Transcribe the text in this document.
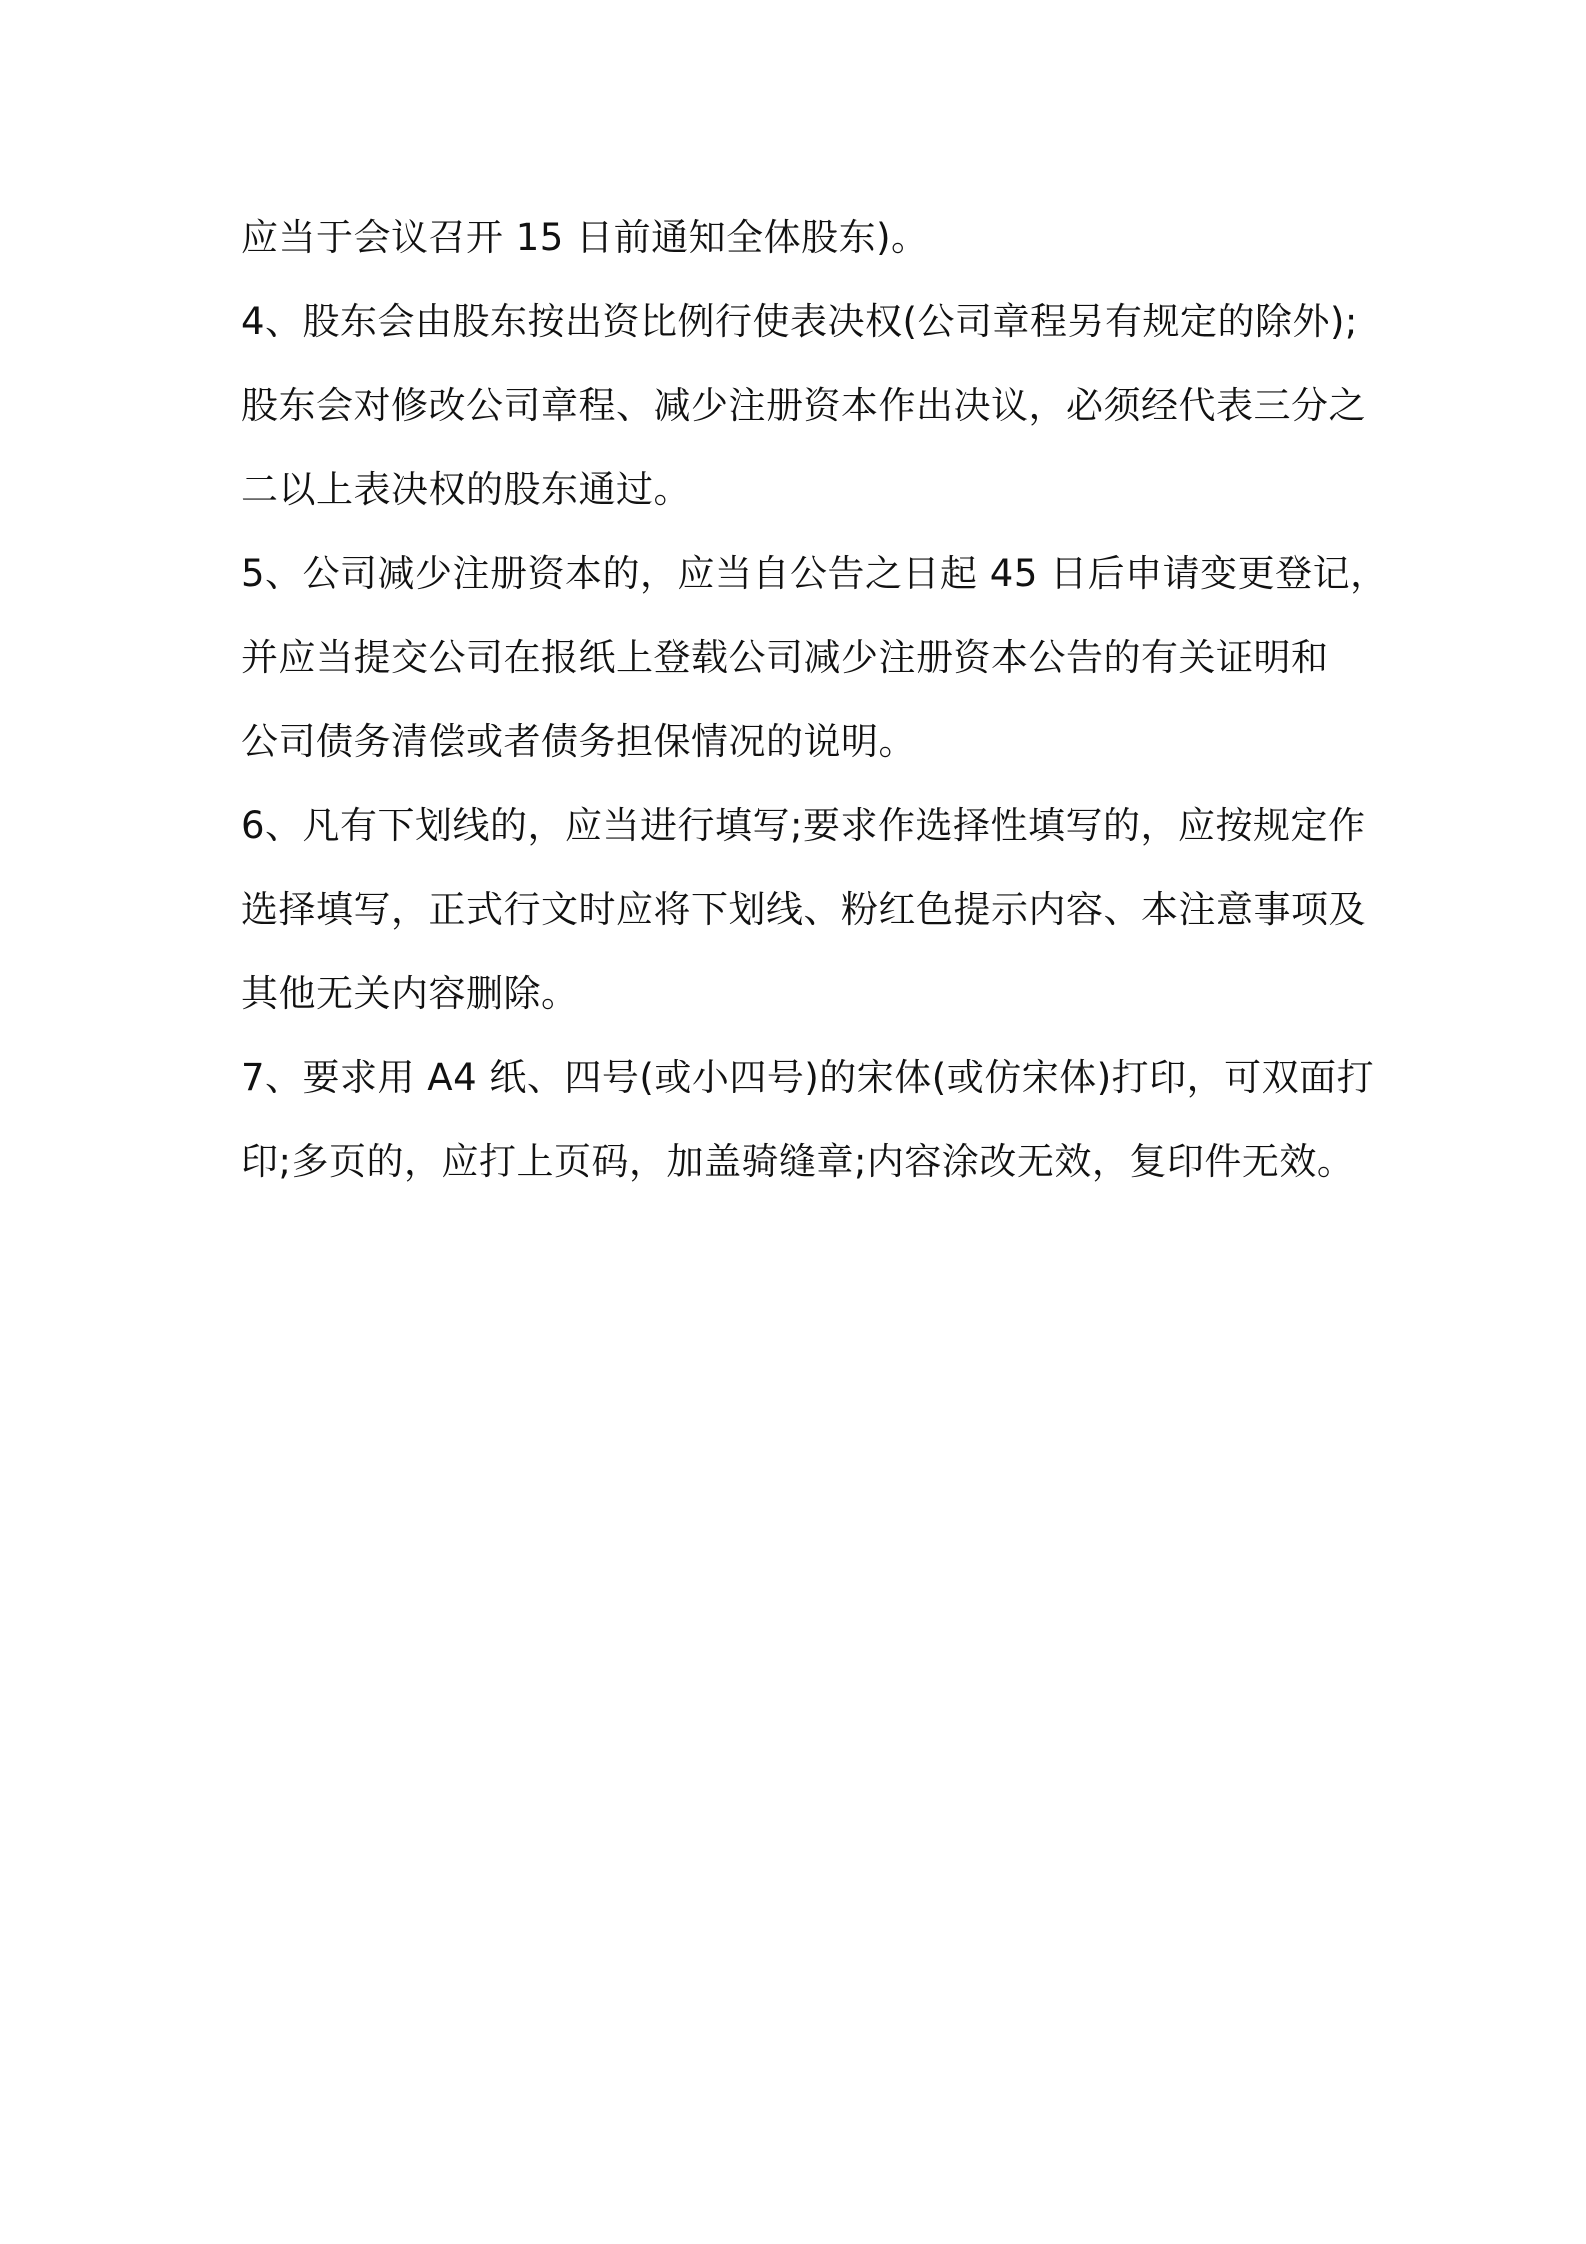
应当于会议召开 15 日前通知全体股东)。

4、股东会由股东按出资比例行使表决权(公司章程另有规定的除外);
股东会对修改公司章程、减少注册资本作出决议，必须经代表三分之
二以上表决权的股东通过。

5、公司减少注册资本的，应当自公告之日起 45 日后申请变更登记，
并应当提交公司在报纸上登载公司减少注册资本公告的有关证明和
公司债务清偿或者债务担保情况的说明。

6、凡有下划线的，应当进行填写;要求作选择性填写的，应按规定作
选择填写，正式行文时应将下划线、粉红色提示内容、本注意事项及
其他无关内容删除。

7、要求用 A4 纸、四号(或小四号)的宋体(或仿宋体)打印，可双面打
印;多页的，应打上页码，加盖骑缝章;内容涂改无效，复印件无效。
